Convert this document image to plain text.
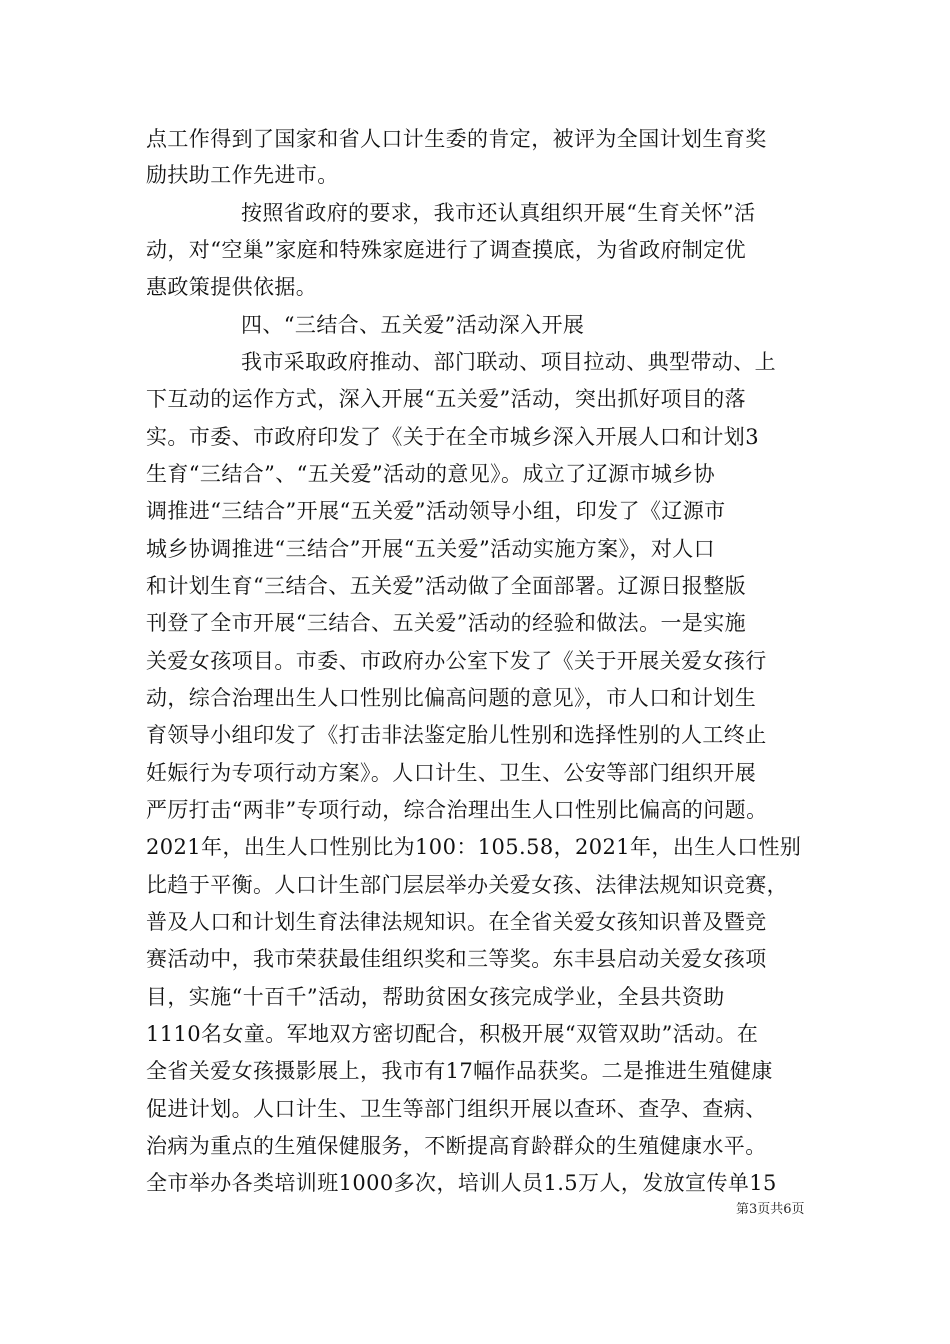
点工作得到了国家和省人口计生委的肯定，被评为全国计划生育奖
励扶助工作先进市。
按照省政府的要求，我市还认真组织开展“生育关怀”活
动，对“空巢”家庭和特殊家庭进行了调查摸底，为省政府制定优
惠政策提供依据。
四、“三结合、五关爱”活动深入开展
我市采取政府推动、部门联动、项目拉动、典型带动、上
下互动的运作方式，深入开展“五关爱”活动，突出抓好项目的落
实。市委、市政府印发了《关于在全市城乡深入开展人口和计划3
生育“三结合”、“五关爱”活动的意见》。成立了辽源市城乡协
调推进“三结合”开展“五关爱”活动领导小组，印发了《辽源市
城乡协调推进“三结合”开展“五关爱”活动实施方案》，对人口
和计划生育“三结合、五关爱”活动做了全面部署。辽源日报整版
刊登了全市开展“三结合、五关爱”活动的经验和做法。一是实施
关爱女孩项目。市委、市政府办公室下发了《关于开展关爱女孩行
动，综合治理出生人口性别比偏高问题的意见》，市人口和计划生
育领导小组印发了《打击非法鉴定胎儿性别和选择性别的人工终止
妊娠行为专项行动方案》。人口计生、卫生、公安等部门组织开展
严厉打击“两非”专项行动，综合治理出生人口性别比偏高的问题。
2021年，出生人口性别比为100：105.58，2021年，出生人口性别
比趋于平衡。人口计生部门层层举办关爱女孩、法律法规知识竞赛，
普及人口和计划生育法律法规知识。在全省关爱女孩知识普及暨竞
赛活动中，我市荣获最佳组织奖和三等奖。东丰县启动关爱女孩项
目，实施“十百千”活动，帮助贫困女孩完成学业，全县共资助
1110名女童。军地双方密切配合，积极开展“双管双助”活动。在
全省关爱女孩摄影展上，我市有17幅作品获奖。二是推进生殖健康
促进计划。人口计生、卫生等部门组织开展以查环、查孕、查病、
治病为重点的生殖保健服务，不断提高育龄群众的生殖健康水平。
全市举办各类培训班1000多次，培训人员1.5万人，发放宣传单15
第3页共6页
